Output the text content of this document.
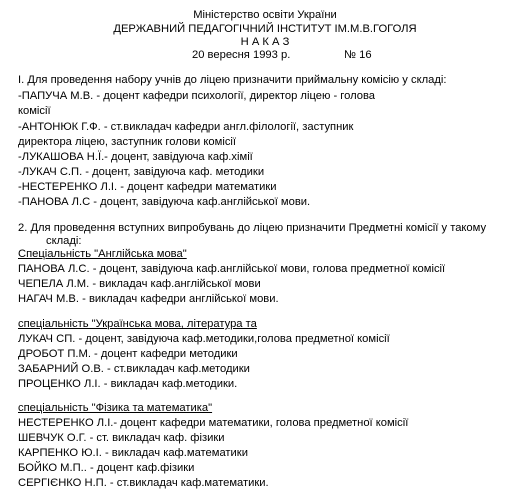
Міністерство освіти України
ДЕРЖАВНИЙ ПЕДАГОГІЧНИЙ ІНСТИТУТ ІМ.М.В.ГОГОЛЯ
Н А К А З
20 вересня 1993 р.	№ 16
І. Для проведення набору учнів до ліцею призначити приймальну комісію у складі:
-ПАПУЧА М.В. - доцент кафедри психології, директор ліцею - голова
комісії
-АНТОНЮК Г.Ф. - ст.викладач кафедри англ.філології, заступник
директора ліцею, заступник голови комісії
-ЛУКАШОВА Н.Ї.- доцент, завідуюча каф.хімії
-ЛУКАЧ С.П. - доцент, завідуюча каф. методики
-НЕСТЕРЕНКО Л.І. - доцент кафедри математики
-ПАНОВА Л.С - доцент, завідуюча каф.англійської мови.
2. Для проведення вступних випробувань до ліцею призначити Предметні комісії у такому
складі:
Спеціальність "Англійська мова"
ПАНОВА Л.С. - доцент, завідуюча каф.англійської мови, голова предметної комісії
ЧЕПЕЛА Л.М. - викладач каф.англійської мови
НАГАЧ М.В. - викладач кафедри англійської мови.
спеціальність "Українська мова, література та
ЛУКАЧ СП. - доцент, завідуюча каф.методики,голова предметної комісії
ДРОБОТ П.М. - доцент кафедри методики
ЗАБАРНИЙ О.В. - ст.викладач каф.методики
ПРОЦЕНКО Л.І. - викладач каф.методики.
спеціальність "Фізика та математика"
НЕСТЕРЕНКО Л.І.- доцент кафедри математики, голова предметної комісії
ШЕВЧУК О.Г. - ст. викладач каф. фізики
КАРПЕНКО Ю.І. - викладач каф.математики
БОЙКО М.П.. - доцент каф.фізики
СЕРГІЄНКО Н.П. - ст.викладач каф.математики.
